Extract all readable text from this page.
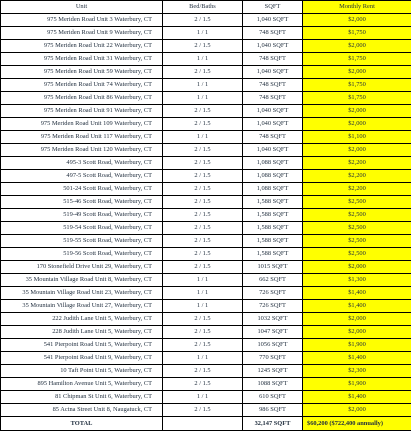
Unit	Bed/Baths	SQFT	Monthly Rent
975 Meriden Road Unit 3 Waterbury, CT	2 / 1.5	1,040 SQFT	$2,000
975 Meriden Road Unit 9 Waterbury, CT	1 / 1	748 SQFT	$1,750
975 Meriden Road Unit 22 Waterbury, CT	2 / 1.5	1,040 SQFT	$2,000
975 Meriden Road Unit 31 Waterbury, CT	1 / 1	748 SQFT	$1,750
975 Meriden Road Unit 59 Waterbury, CT	2 / 1.5	1,040 SQFT	$2,000
975 Meriden Road Unit 74 Waterbury, CT	1 / 1	748 SQFT	$1,750
975 Meriden Road Unit 86 Waterbury, CT	1 / 1	748 SQFT	$1,750
975 Meriden Road Unit 91 Waterbury, CT	2 / 1.5	1,040 SQFT	$2,000
975 Meriden Road Unit 109 Waterbury, CT	2 / 1.5	1,040 SQFT	$2,000
975 Meriden Road Unit 117 Waterbury, CT	1 / 1	748 SQFT	$1,100
975 Meriden Road Unit 120 Waterbury, CT	2 / 1.5	1,040 SQFT	$2,000
495-3 Scott Road, Waterbury, CT	2 / 1.5	1,088 SQFT	$2,200
497-5 Scott Road, Waterbury, CT	2 / 1.5	1,088 SQFT	$2,200
501-24 Scott Road, Waterbury, CT	2 / 1.5	1,088 SQFT	$2,200
515-46 Scott Road, Waterbury, CT	2 / 1.5	1,588 SQFT	$2,500
519-49 Scott Road, Waterbury, CT	2 / 1.5	1,588 SQFT	$2,500
519-54 Scott Road, Waterbury, CT	2 / 1.5	1,588 SQFT	$2,500
519-55 Scott Road, Waterbury, CT	2 / 1.5	1,588 SQFT	$2,500
519-56 Scott Road, Waterbury, CT	2 / 1.5	1,588 SQFT	$2,500
170 Stonefield Drive Unit 29, Waterbury, CT	2 / 1.5	1015 SQFT	$2,000
35 Mountain Village Road Unit 8, Waterbury, CT	1 / 1	662 SQFT	$1,300
35 Mountain Village Road Unit 23, Waterbury, CT	1 / 1	726 SQFT	$1,400
35 Mountain Village Road Unit 27, Waterbury, CT	1 / 1	726 SQFT	$1,400
222 Judith Lane Unit 5, Waterbury, CT	2 / 1.5	1032 SQFT	$2,000
228 Judith Lane Unit 5, Waterbury, CT	2 / 1.5	1047 SQFT	$2,000
541 Pierpoint Road Unit 5, Waterbury, CT	2 / 1.5	1056 SQFT	$1,900
541 Pierpoint Road Unit 9, Waterbury, CT	1 / 1	770 SQFT	$1,400
10 Taft Point Unit 5, Waterbury, CT	2 / 1.5	1245 SQFT	$2,300
895 Hamilton Avenue Unit 5, Waterbury, CT	2 / 1.5	1088 SQFT	$1,900
81 Chipman St Unit 6, Waterbury, CT	1 / 1	610 SQFT	$1,400
85 Actna Street Unit 8, Naugatuck, CT	2 / 1.5	986 SQFT	$2,000
TOTAL		32,147 SQFT	$60,200 ($722,400 annually)
